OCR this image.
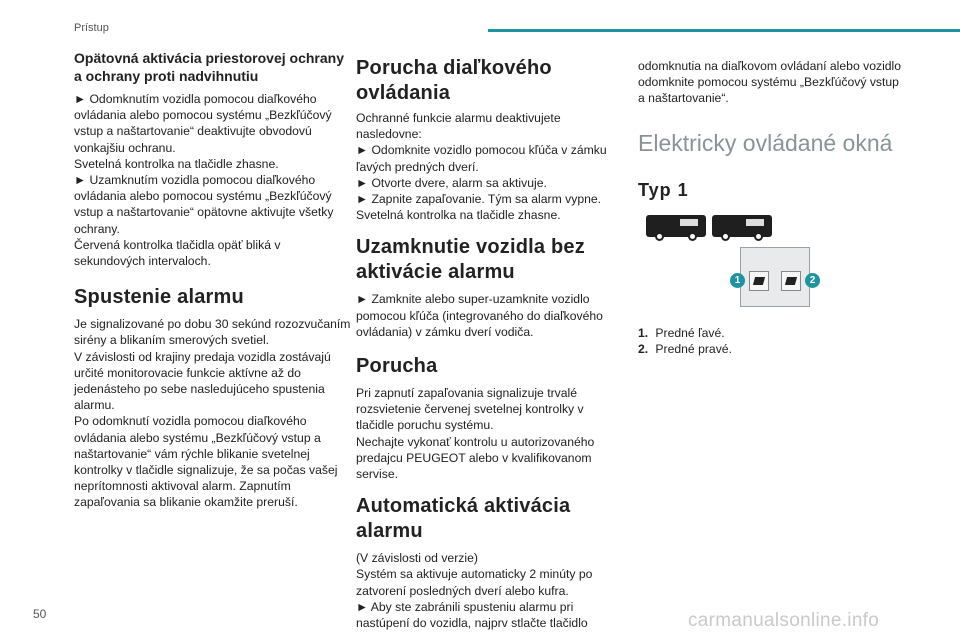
Prístup
Opätovná aktivácia priestorovej ochrany a ochrany proti nadvihnutiu

► Odomknutím vozidla pomocou diaľkového ovládania alebo pomocou systému „Bezkľúčový vstup a naštartovanie“ deaktivujte obvodovú vonkajšiu ochranu.
Svetelná kontrolka na tlačidle zhasne.
► Uzamknutím vozidla pomocou diaľkového ovládania alebo pomocou systému „Bezkľúčový vstup a naštartovanie“ opätovne aktivujte všetky ochrany.
Červená kontrolka tlačidla opäť bliká v sekundových intervaloch.

Spustenie alarmu

Je signalizované po dobu 30 sekúnd rozozvučaním sirény a blikaním smerových svetiel.
V závislosti od krajiny predaja vozidla zostávajú určité monitorovacie funkcie aktívne až do jedenásteho po sebe nasledujúceho spustenia alarmu.
Po odomknutí vozidla pomocou diaľkového ovládania alebo systému „Bezkľúčový vstup a naštartovanie“ vám rýchle blikanie svetelnej kontrolky v tlačidle signalizuje, že sa počas vašej neprítomnosti aktivoval alarm. Zapnutím zapaľovania sa blikanie okamžite preruší.

Porucha diaľkového ovládania

Ochranné funkcie alarmu deaktivujete nasledovne:
► Odomknite vozidlo pomocou kľúča v zámku ľavých predných dverí.
► Otvorte dvere, alarm sa aktivuje.
► Zapnite zapaľovanie. Tým sa alarm vypne.
Svetelná kontrolka na tlačidle zhasne.

Uzamknutie vozidla bez aktivácie alarmu

► Zamknite alebo super-uzamknite vozidlo pomocou kľúča (integrovaného do diaľkového ovládania) v zámku dverí vodiča.

Porucha

Pri zapnutí zapaľovania signalizuje trvalé rozsvietenie červenej svetelnej kontrolky v tlačidle poruchu systému.
Nechajte vykonať kontrolu u autorizovaného predajcu PEUGEOT alebo v kvalifikovanom servise.

Automatická aktivácia alarmu

(V závislosti od verzie)
Systém sa aktivuje automaticky 2 minúty po zatvorení posledných dverí alebo kufra.
► Aby ste zabránili spusteniu alarmu pri nastúpení do vozidla, najprv stlačte tlačidlo

odomknutia na diaľkovom ovládaní alebo vozidlo odomknite pomocou systému „Bezkľúčový vstup a naštartovanie“.

Elektricky ovládané okná
Typ 1
1	2
1. Predné ľavé.
2. Predné pravé.
50	carmanualsonline.info
